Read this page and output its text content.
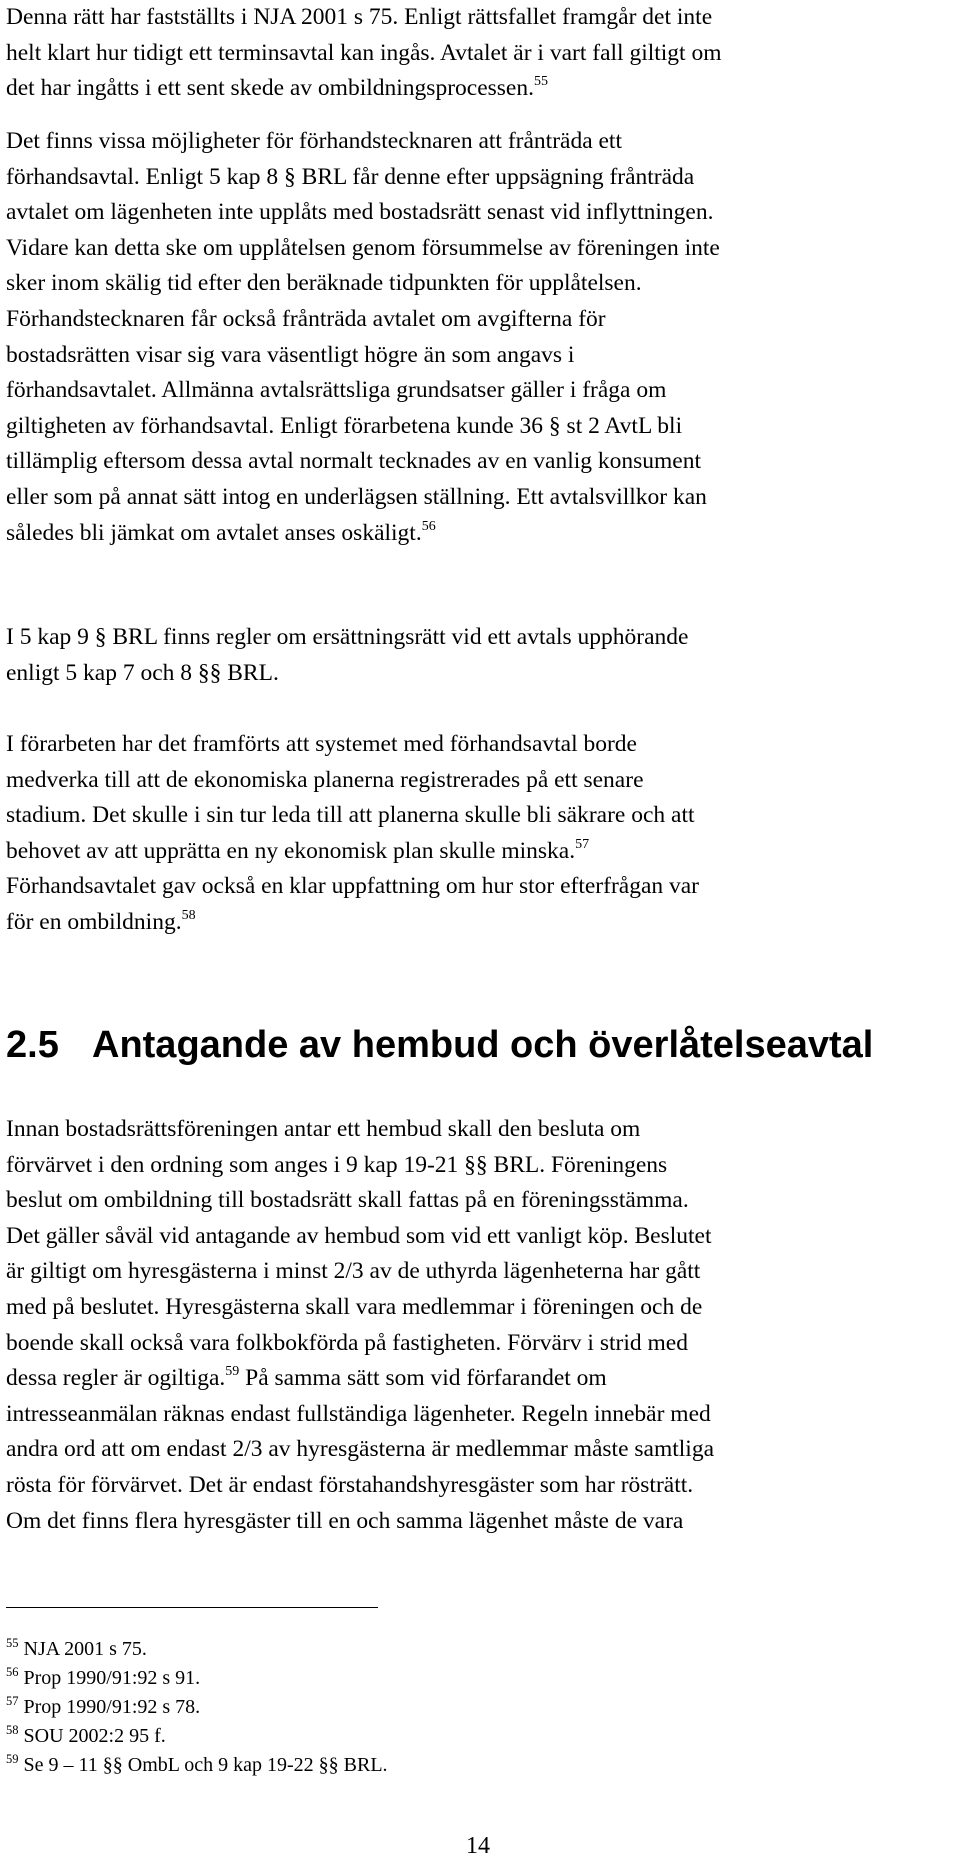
Denna rätt har fastställts i NJA 2001 s 75. Enligt rättsfallet framgår det inte
helt klart hur tidigt ett terminsavtal kan ingås. Avtalet är i vart fall giltigt om
det har ingåtts i ett sent skede av ombildningsprocessen.$^{55}$
Det finns vissa möjligheter för förhandstecknaren att frånträda ett
förhandsavtal. Enligt 5 kap 8 § BRL får denne efter uppsägning frånträda
avtalet om lägenheten inte upplåts med bostadsrätt senast vid inflyttningen.
Vidare kan detta ske om upplåtelsen genom försummelse av föreningen inte
sker inom skälig tid efter den beräknade tidpunkten för upplåtelsen.
Förhandstecknaren får också frånträda avtalet om avgifterna för
bostadsrätten visar sig vara väsentligt högre än som angavs i
förhandsavtalet. Allmänna avtalsrättsliga grundsatser gäller i fråga om
giltigheten av förhandsavtal. Enligt förarbetena kunde 36 § st 2 AvtL bli
tillämplig eftersom dessa avtal normalt tecknades av en vanlig konsument
eller som på annat sätt intog en underlägsen ställning. Ett avtalsvillkor kan
således bli jämkat om avtalet anses oskäligt.$^{56}$
I 5 kap 9 § BRL finns regler om ersättningsrätt vid ett avtals upphörande
enligt 5 kap 7 och 8 §§ BRL.
I förarbeten har det framförts att systemet med förhandsavtal borde
medverka till att de ekonomiska planerna registrerades på ett senare
stadium. Det skulle i sin tur leda till att planerna skulle bli säkrare och att
behovet av att upprätta en ny ekonomisk plan skulle minska.$^{57}$
Förhandsavtalet gav också en klar uppfattning om hur stor efterfrågan var
för en ombildning.$^{58}$
2.5 Antagande av hembud och överlåtelseavtal
Innan bostadsrättsföreningen antar ett hembud skall den besluta om
förvärvet i den ordning som anges i 9 kap 19-21 §§ BRL. Föreningens
beslut om ombildning till bostadsrätt skall fattas på en föreningsstämma.
Det gäller såväl vid antagande av hembud som vid ett vanligt köp. Beslutet
är giltigt om hyresgästerna i minst 2/3 av de uthyrda lägenheterna har gått
med på beslutet. Hyresgästerna skall vara medlemmar i föreningen och de
boende skall också vara folkbokförda på fastigheten. Förvärv i strid med
dessa regler är ogiltiga.$^{59}$ På samma sätt som vid förfarandet om
intresseanmälan räknas endast fullständiga lägenheter. Regeln innebär med
andra ord att om endast 2/3 av hyresgästerna är medlemmar måste samtliga
rösta för förvärvet. Det är endast förstahandshyresgäster som har rösträtt.
Om det finns flera hyresgäster till en och samma lägenhet måste de vara
$^{55}$ NJA 2001 s 75.
$^{56}$ Prop 1990/91:92 s 91.
$^{57}$ Prop 1990/91:92 s 78.
$^{58}$ SOU 2002:2 95 f.
$^{59}$ Se 9 – 11 §§ OmbL och 9 kap 19-22 §§ BRL.
14
